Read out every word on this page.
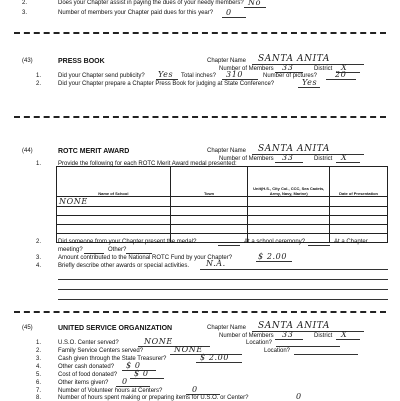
2.	Does your Chapter assist in paying the dues of your needy members? No
3.	Number of members your Chapter paid dues for this year? 0
(43)	PRESS BOOK	Chapter Name SANTA ANITA
Number of Members 33	District X
1.	Did your Chapter send publicity? Yes Total inches? 310	Number of pictures? 20
2.	Did your Chapter prepare a Chapter Press Book for judging at State Conference?	Yes
(44)	ROTC MERIT AWARD	Chapter Name SANTA ANITA
Number of Members 33	District X
1.	Provide the following for each ROTC Merit Award medal presented:
Name of School	Town	Unit(H.S., City Col., CCC, Sea Cadets, Army, Navy, Marine)	Date of Presentation
NONE			

2.	Did someone from your Chapter present the medal?	At a school ceremony?	At a Chapter
meeting?	Other?
3.	Amount contributed to the National ROTC Fund by your Chapter?	$ 2.00
4.	Briefly describe other awards or special activities. N.A.
(45)	UNITED SERVICE ORGANIZATION	Chapter Name SANTA ANITA
Number of Members 33	District X
1.	U.S.O. Center served?	NONE	Location?
2.	Family Service Centers served?	NONE	Location?
3.	Cash given through the State Treasurer?	$ 2.00
4.	Other cash donated? $ 0
5.	Cost of food donated? $ 0
6.	Other items given? 0
7.	Number of Volunteer hours at Centers?	0
8.	Number of hours spent making or preparing items for U.S.O. or Center?	0
